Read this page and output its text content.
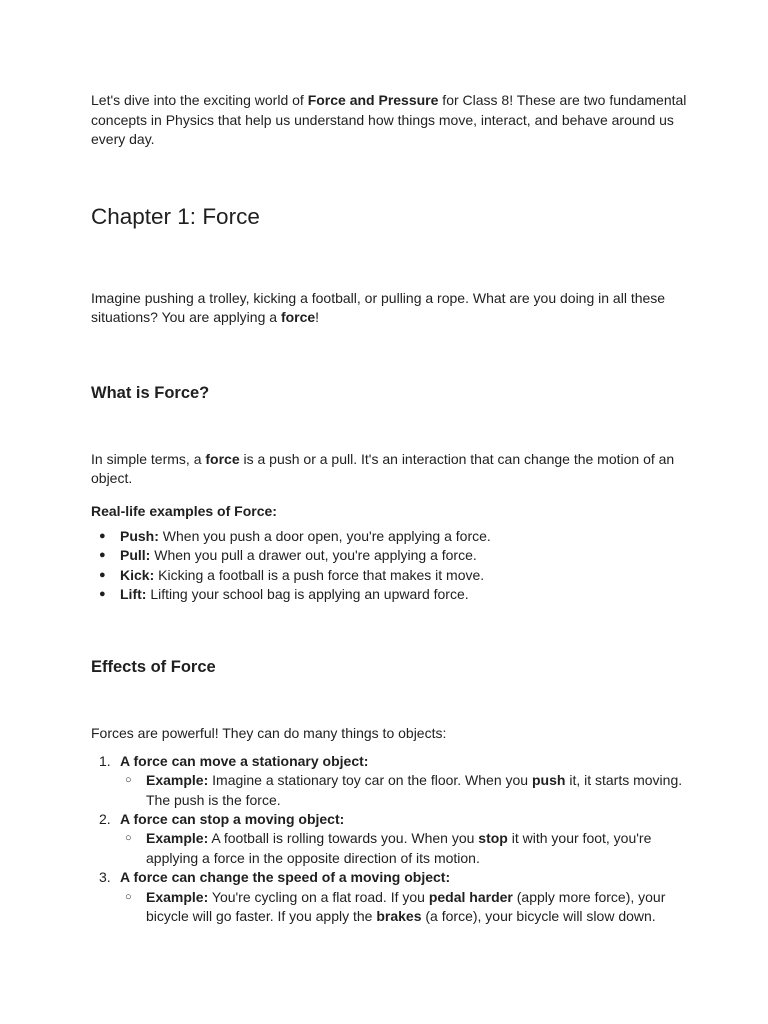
Let's dive into the exciting world of Force and Pressure for Class 8! These are two fundamental concepts in Physics that help us understand how things move, interact, and behave around us every day.

Chapter 1: Force

Imagine pushing a trolley, kicking a football, or pulling a rope. What are you doing in all these situations? You are applying a force!

What is Force?

In simple terms, a force is a push or a pull. It's an interaction that can change the motion of an object.

Real-life examples of Force:

● Push: When you push a door open, you're applying a force.
● Pull: When you pull a drawer out, you're applying a force.
● Kick: Kicking a football is a push force that makes it move.
● Lift: Lifting your school bag is applying an upward force.
Effects of Force

Forces are powerful! They can do many things to objects:

1. A force can move a stationary object:
○ Example: Imagine a stationary toy car on the floor. When you push it, it starts moving. The push is the force.
2. A force can stop a moving object:
○ Example: A football is rolling towards you. When you stop it with your foot, you're applying a force in the opposite direction of its motion.
3. A force can change the speed of a moving object:
○ Example: You're cycling on a flat road. If you pedal harder (apply more force), your bicycle will go faster. If you apply the brakes (a force), your bicycle will slow down.
